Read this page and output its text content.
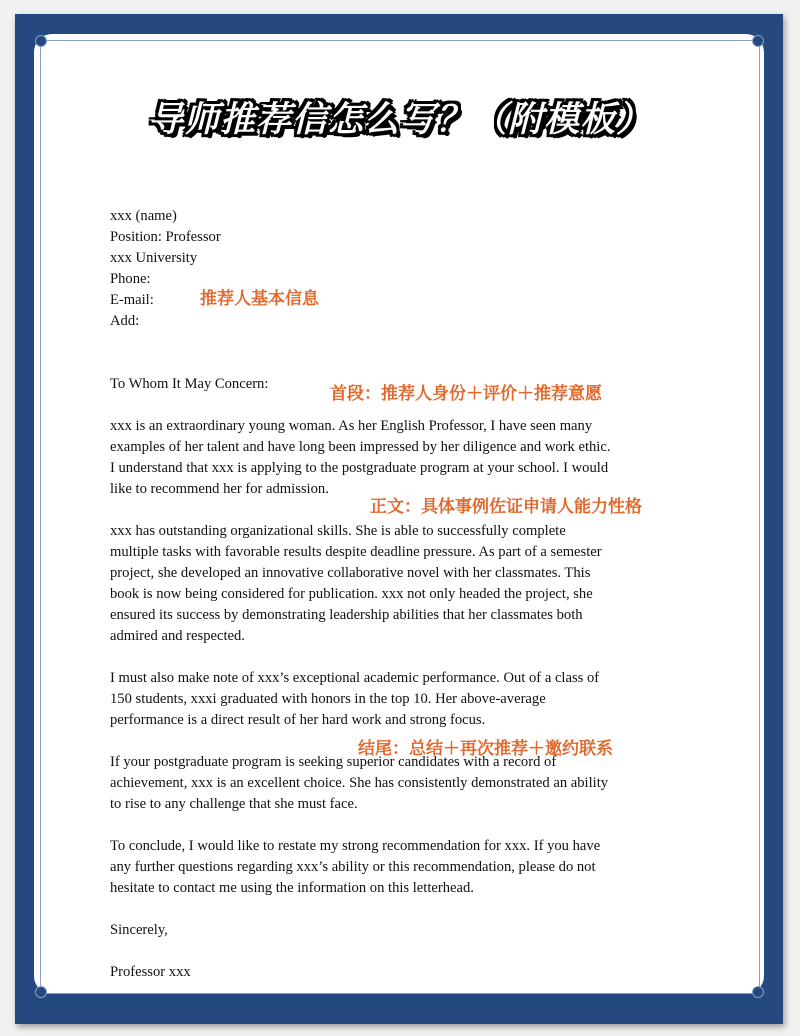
导师推荐信怎么写？（附模板）
xxx (name)
Position: Professor
xxx University
Phone:
E-mail:
Add:
To Whom It May Concern:
xxx is an extraordinary young woman. As her English Professor, I have seen many
examples of her talent and have long been impressed by her diligence and work ethic.
I understand that xxx is applying to the postgraduate program at your school. I would
like to recommend her for admission.
xxx has outstanding organizational skills. She is able to successfully complete
multiple tasks with favorable results despite deadline pressure. As part of a semester
project, she developed an innovative collaborative novel with her classmates. This
book is now being considered for publication. xxx not only headed the project, she
ensured its success by demonstrating leadership abilities that her classmates both
admired and respected.
I must also make note of xxx’s exceptional academic performance. Out of a class of
150 students, xxxi graduated with honors in the top 10. Her above-average
performance is a direct result of her hard work and strong focus.
If your postgraduate program is seeking superior candidates with a record of
achievement, xxx is an excellent choice. She has consistently demonstrated an ability
to rise to any challenge that she must face.
To conclude, I would like to restate my strong recommendation for xxx. If you have
any further questions regarding xxx’s ability or this recommendation, please do not
hesitate to contact me using the information on this letterhead.
Sincerely,
Professor xxx
推荐人基本信息
首段：推荐人身份＋评价＋推荐意愿
正文：具体事例佐证申请人能力性格
结尾：总结＋再次推荐＋邀约联系
